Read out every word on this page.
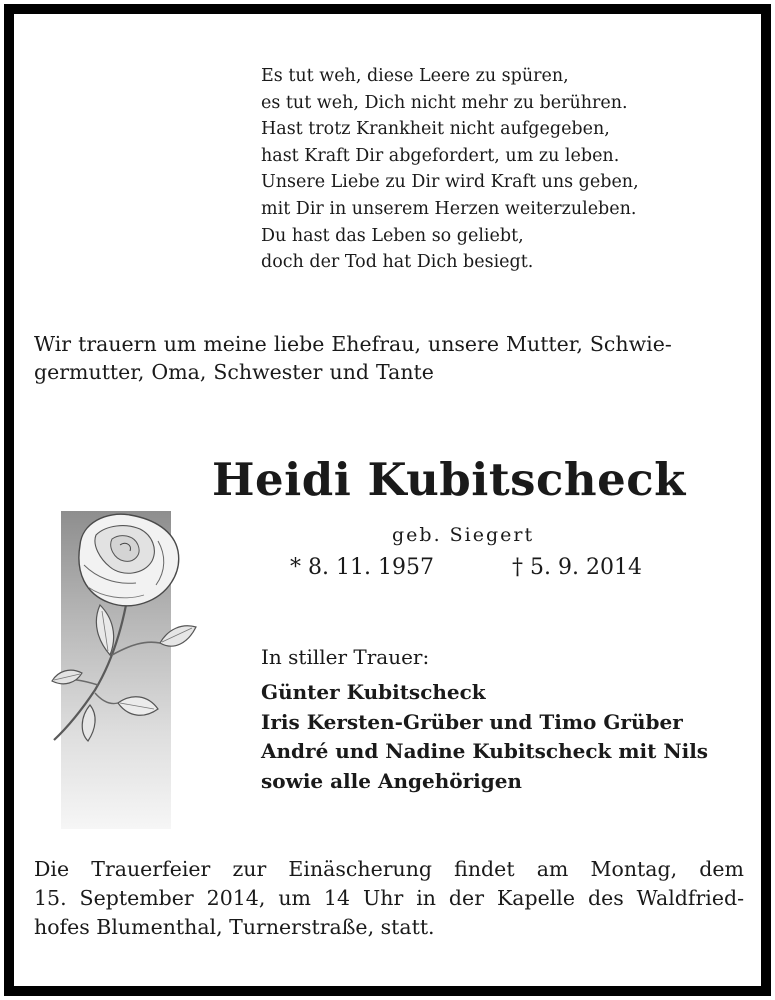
Es tut weh, diese Leere zu spüren,
es tut weh, Dich nicht mehr zu berühren.
Hast trotz Krankheit nicht aufgegeben,
hast Kraft Dir abgefordert, um zu leben.
Unsere Liebe zu Dir wird Kraft uns geben,
mit Dir in unserem Herzen weiterzuleben.
Du hast das Leben so geliebt,
doch der Tod hat Dich besiegt.
Wir trauern um meine liebe Ehefrau, unsere Mutter, Schwie-
germutter, Oma, Schwester und Tante
Heidi Kubitscheck
geb. Siegert
* 8. 11. 1957	† 5. 9. 2014
In stiller Trauer:
Günter Kubitscheck
Iris Kersten-Grüber und Timo Grüber
André und Nadine Kubitscheck mit Nils
sowie alle Angehörigen
Die Trauerfeier zur Einäscherung findet am Montag, dem
15. September 2014, um 14 Uhr in der Kapelle des Waldfried-
hofes Blumenthal, Turnerstraße, statt.
